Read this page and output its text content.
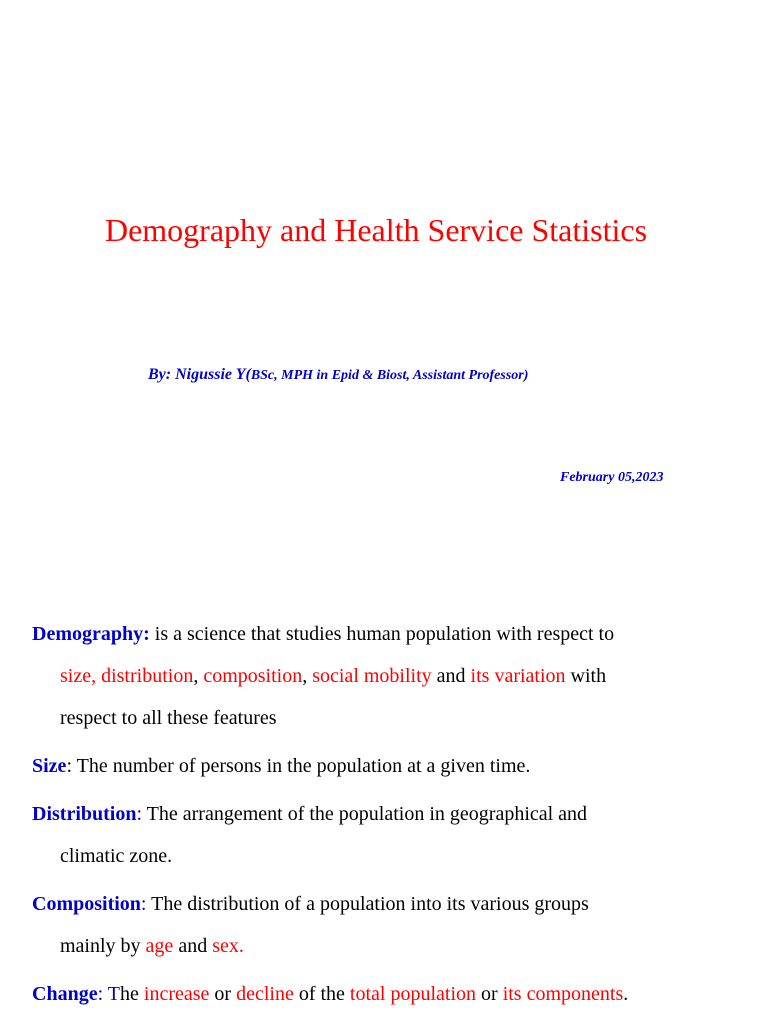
Demography and Health Service Statistics
By: Nigussie Y(BSc, MPH in Epid & Biost, Assistant Professor)
February 05,2023
Demography: is a science that studies human population with respect to
size, distribution, composition, social mobility and its variation with
respect to all these features
Size: The number of persons in the population at a given time.
Distribution: The arrangement of the population in geographical and
climatic zone.
Composition: The distribution of a population into its various groups
mainly by age and sex.
Change: The increase or decline of the total population or its components.
